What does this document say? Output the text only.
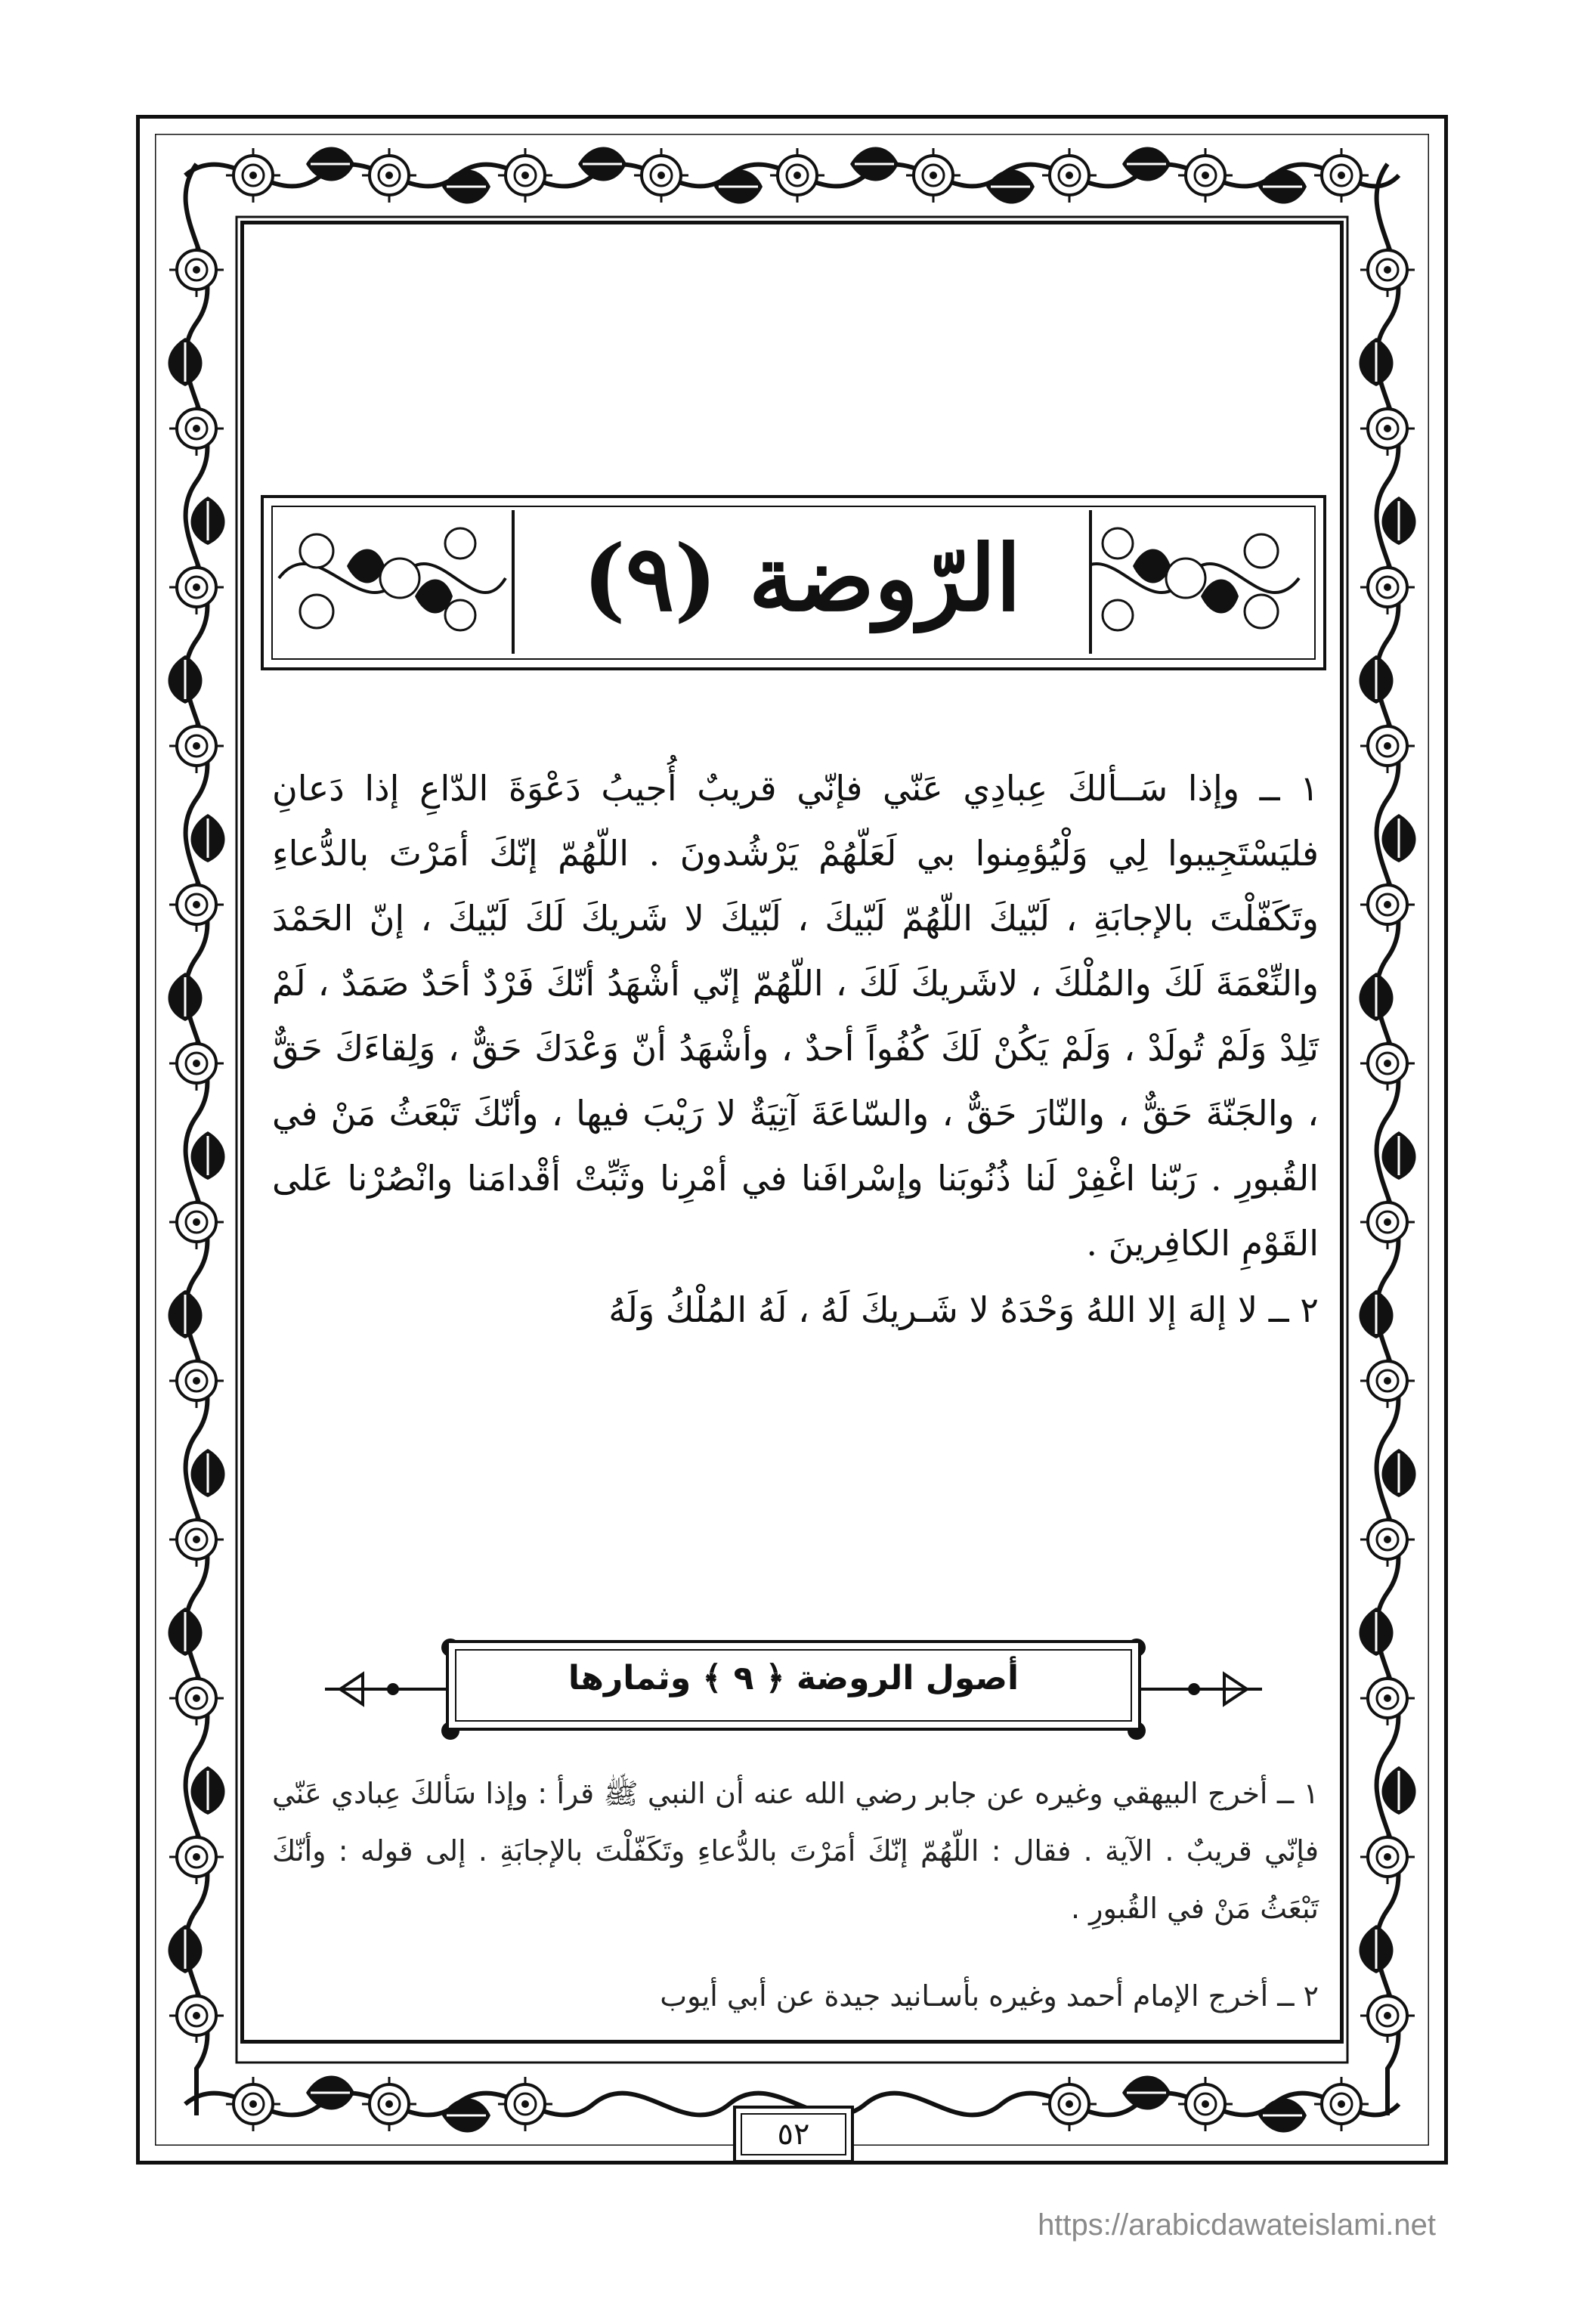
الرّوضة (٩)

١ ــ وإذا سَــألكَ عِبادِي عَنّي فإنّي قريبٌ أُجيبُ دَعْوَةَ الدّاعِ إذا دَعانِ فليَسْتَجِيبوا لِي وَلْيُؤمِنوا بي لَعَلّهُمْ يَرْشُدونَ . اللّهُمّ إنّكَ أمَرْتَ بالدُّعاءِ وتَكَفّلْتَ بالإجابَةِ ، لَبّيكَ اللّهُمّ لَبّيكَ ، لَبّيكَ لا شَريكَ لَكَ لَبّيكَ ، إنّ الحَمْدَ والنِّعْمَةَ لَكَ والمُلْكَ ، لاشَريكَ لَكَ ، اللّهُمّ إنّي أشْهَدُ أنّكَ فَرْدٌ أحَدٌ صَمَدٌ ، لَمْ تَلِدْ وَلَمْ تُولَدْ ، وَلَمْ يَكُنْ لَكَ كُفُواً أحدٌ ، وأشْهَدُ أنّ وَعْدَكَ حَقٌّ ، وَلِقاءَكَ حَقٌّ ، والجَنّةَ حَقٌّ ، والنّارَ حَقٌّ ، والسّاعَةَ آتِيَةٌ لا رَيْبَ فيها ، وأنّكَ تَبْعَثُ مَنْ في القُبورِ . رَبّنا اغْفِرْ لَنا ذُنُوبَنا وإسْرافَنا في أمْرِنا وثَبِّتْ أقْدامَنا وانْصُرْنا عَلى القَوْمِ الكافِرينَ .

٢ ــ لا إلهَ إلا اللهُ وَحْدَهُ لا شَـريكَ لَهُ ، لَهُ المُلْكُ وَلَهُ

أصول الروضة ﴿ ٩ ﴾ وثمارها

١ ــ أخرج البيهقي وغيره عن جابر رضي الله عنه أن النبي ﷺ قرأ : وإذا سَألكَ عِبادي عَنّي فإنّي قريبٌ . الآية . فقال : اللّهُمّ إنّكَ أمَرْتَ بالدُّعاءِ وتَكَفّلْتَ بالإجابَةِ . إلى قوله : وأنّكَ تَبْعَثُ مَنْ في القُبورِ .

٢ ــ أخرج الإمام أحمد وغيره بأسـانيد جيدة عن أبي أيوب

٥٢
https://arabicdawateislami.net
